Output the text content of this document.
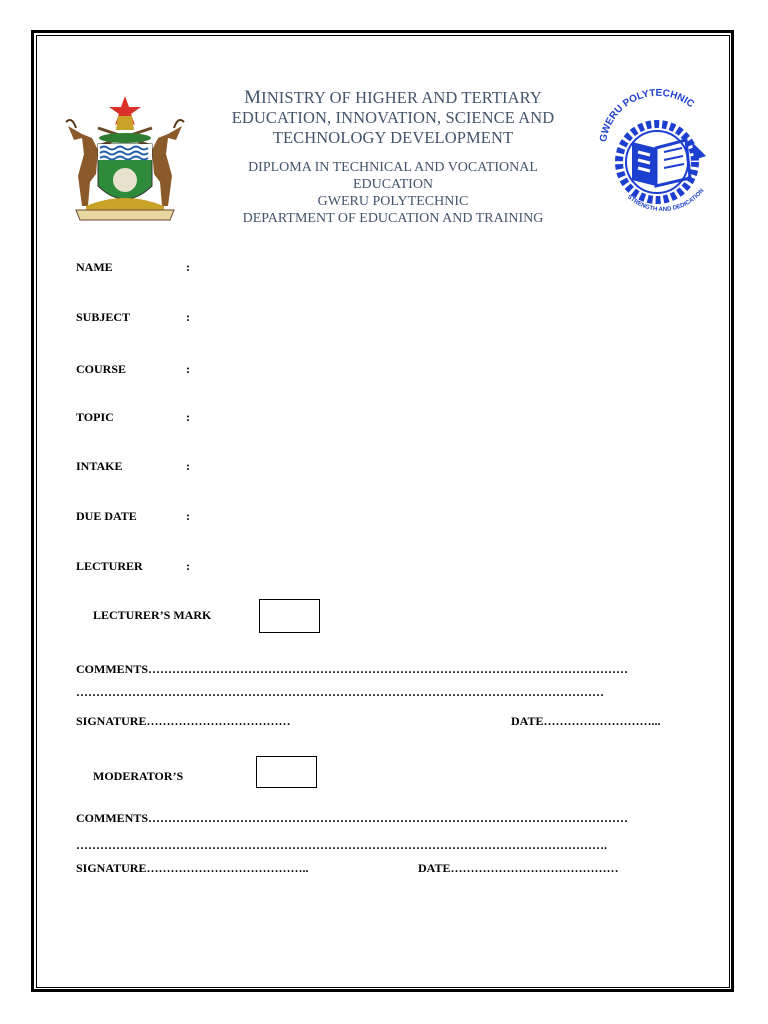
MINISTRY OF HIGHER AND TERTIARY
EDUCATION, INNOVATION, SCIENCE AND
TECHNOLOGY DEVELOPMENT
DIPLOMA IN TECHNICAL AND VOCATIONAL
EDUCATION
GWERU POLYTECHNIC
DEPARTMENT OF EDUCATION AND TRAINING
GWERU POLYTECHNIC
STRENGTH AND DEDICATION
NAME	:
SUBJECT	:
COURSE	:
TOPIC	:
INTAKE	:
DUE DATE	:
LECTURER	:
LECTURER’S MARK
COMMENTS…………………………………………………………………………………………………………
……………………………………………………………………………………………………………………
SIGNATURE………………………………	DATE………………………...
MODERATOR’S
COMMENTS…………………………………………………………………………………………………………
…………………………………………………………………………………………………………………….
SIGNATURE…………………………………..	DATE……………………………………
